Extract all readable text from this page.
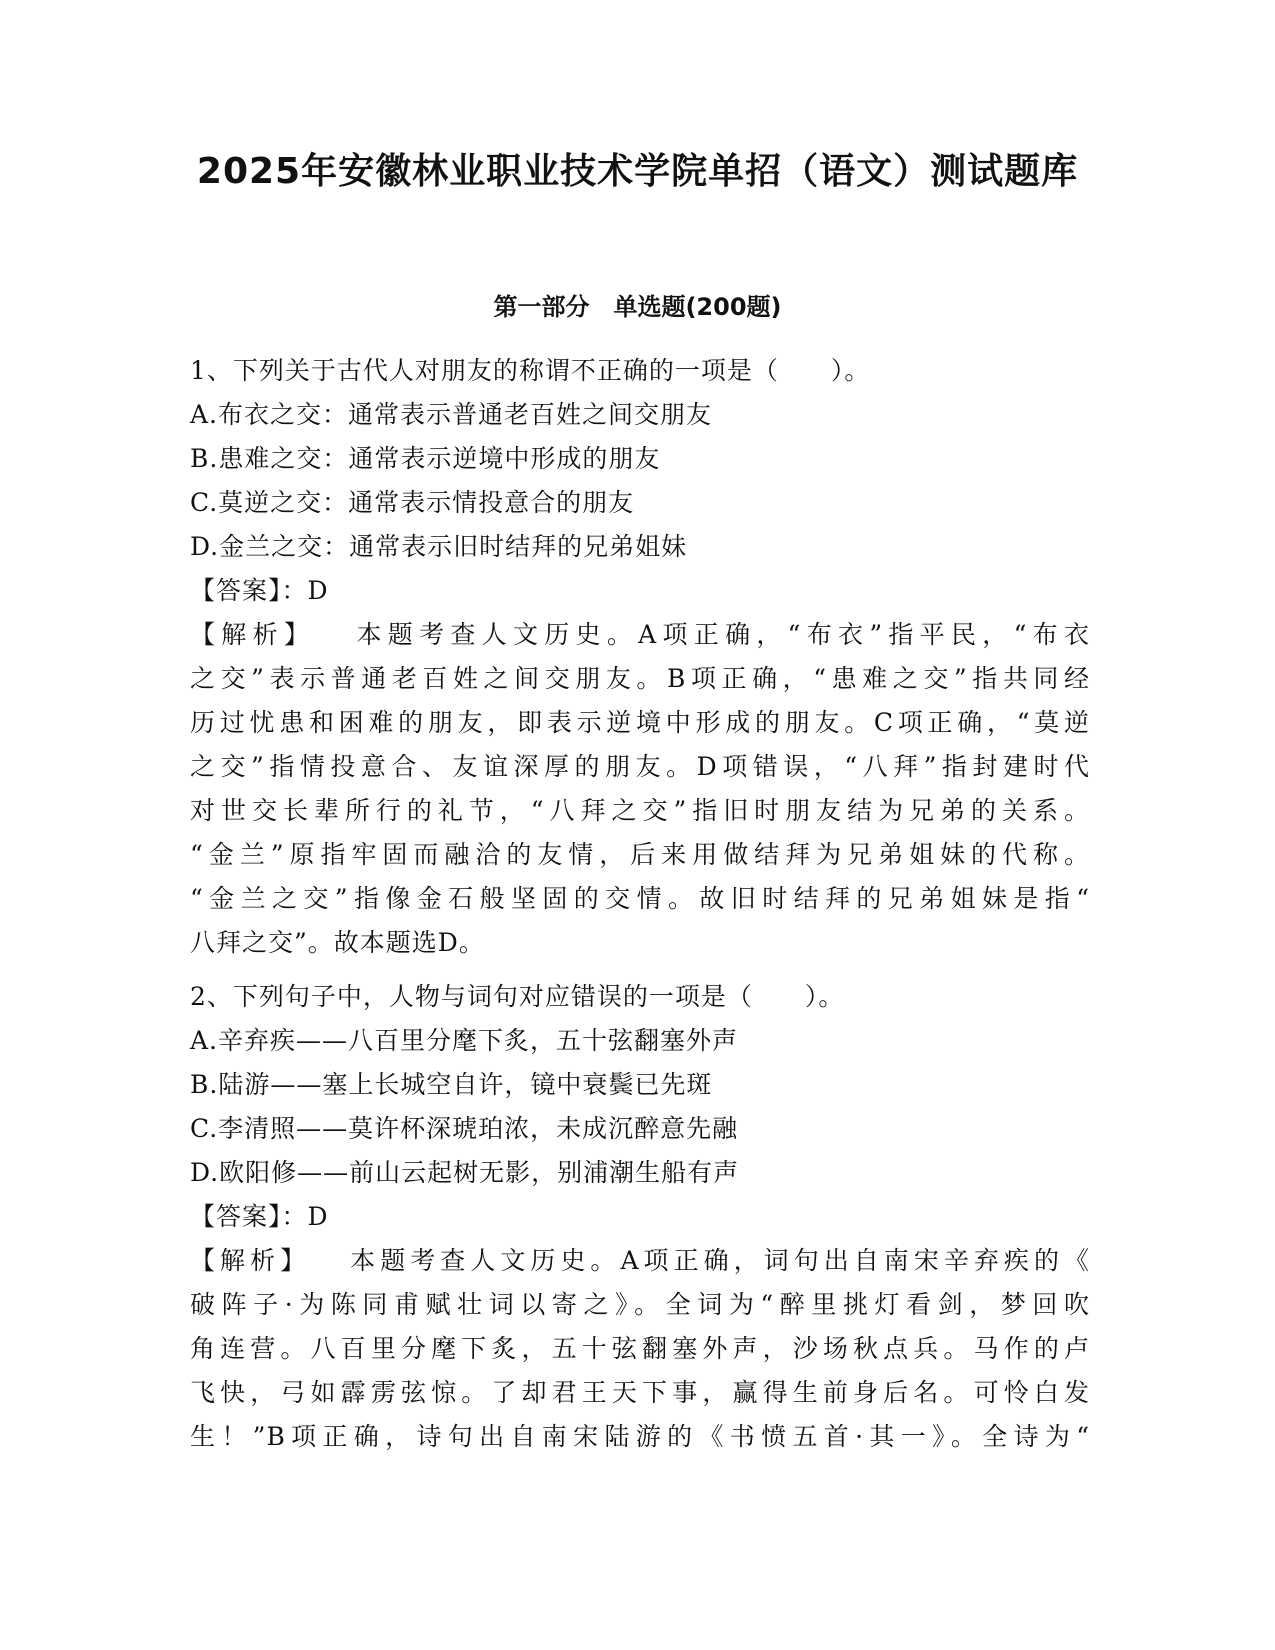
2025年安徽林业职业技术学院单招（语文）测试题库
第一部分　单选题(200题)
1、下列关于古代人对朋友的称谓不正确的一项是（　　）。
A.布衣之交：通常表示普通老百姓之间交朋友
B.患难之交：通常表示逆境中形成的朋友
C.莫逆之交：通常表示情投意合的朋友
D.金兰之交：通常表示旧时结拜的兄弟姐妹
【答案】：D
【解析】 本题考查人文历史。A项正确，“布衣”指平民，“布衣
之交”表示普通老百姓之间交朋友。B项正确，“患难之交”指共同经
历过忧患和困难的朋友，即表示逆境中形成的朋友。C项正确，“莫逆
之交”指情投意合、友谊深厚的朋友。D项错误，“八拜”指封建时代
对世交长辈所行的礼节，“八拜之交”指旧时朋友结为兄弟的关系。
“金兰”原指牢固而融洽的友情，后来用做结拜为兄弟姐妹的代称。
“金兰之交”指像金石般坚固的交情。故旧时结拜的兄弟姐妹是指“
八拜之交”。故本题选D。
2、下列句子中，人物与词句对应错误的一项是（　　）。
A.辛弃疾——八百里分麾下炙，五十弦翻塞外声
B.陆游——塞上长城空自许，镜中衰鬓已先斑
C.李清照——莫许杯深琥珀浓，未成沉醉意先融
D.欧阳修——前山云起树无影，别浦潮生船有声
【答案】：D
【解析】 本题考查人文历史。A项正确，词句出自南宋辛弃疾的《
破阵子·为陈同甫赋壮词以寄之》。全词为“醉里挑灯看剑，梦回吹
角连营。八百里分麾下炙，五十弦翻塞外声，沙场秋点兵。马作的卢
飞快，弓如霹雳弦惊。了却君王天下事，赢得生前身后名。可怜白发
生！”B项正确，诗句出自南宋陆游的《书愤五首·其一》。全诗为“
